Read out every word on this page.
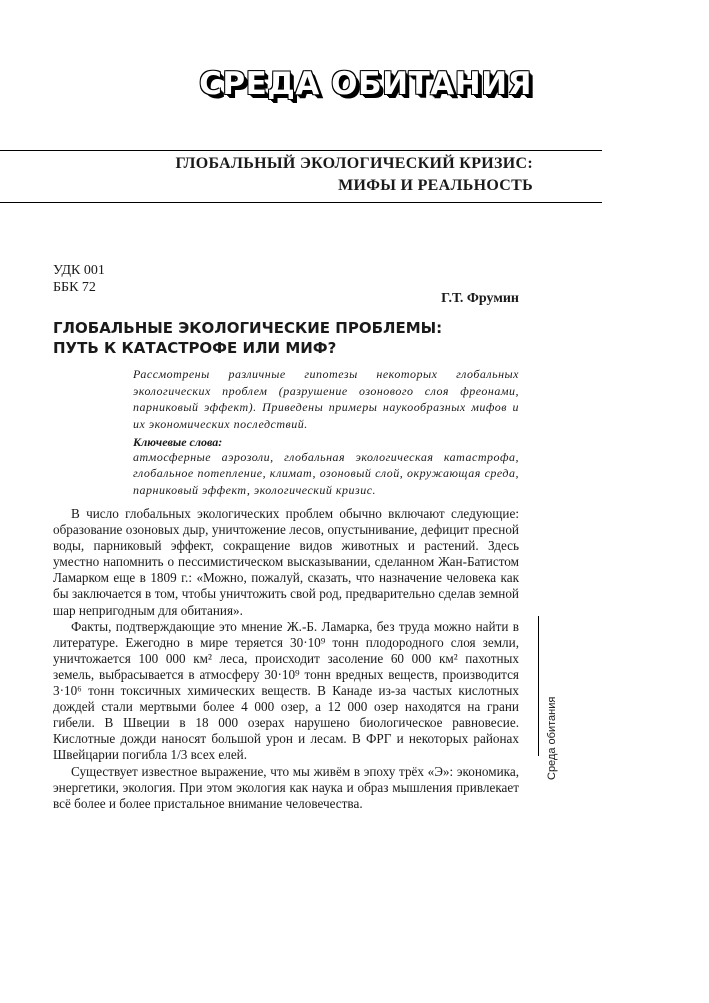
СРЕДА ОБИТАНИЯ
ГЛОБАЛЬНЫЙ ЭКОЛОГИЧЕСКИЙ КРИЗИС:
МИФЫ И РЕАЛЬНОСТЬ
УДК 001
ББК 72
Г.Т. Фрумин
ГЛОБАЛЬНЫЕ ЭКОЛОГИЧЕСКИЕ ПРОБЛЕМЫ:
ПУТЬ К КАТАСТРОФЕ ИЛИ МИФ?
Рассмотрены различные гипотезы некоторых глобальных экологических проблем (разрушение озонового слоя фреонами, парниковый эффект). Приведены примеры наукообразных мифов и их экономических последствий.
Ключевые слова:
атмосферные аэрозоли, глобальная экологическая катастрофа, глобальное потепление, климат, озоновый слой, окружающая среда, парниковый эффект, экологический кризис.

В число глобальных экологических проблем обычно включают следующие: образование озоновых дыр, уничтожение лесов, опустынивание, дефицит пресной воды, парниковый эффект, сокращение видов животных и растений. Здесь уместно напомнить о пессимистическом высказывании, сделанном Жан-Батистом Ламарком еще в 1809 г.: «Можно, пожалуй, сказать, что назначение человека как бы заключается в том, чтобы уничтожить свой род, предварительно сделав земной шар непригодным для обитания».

Факты, подтверждающие это мнение Ж.-Б. Ламарка, без труда можно найти в литературе. Ежегодно в мире теряется 30·10⁹ тонн плодородного слоя земли, уничтожается 100 000 км² леса, происходит засоление 60 000 км² пахотных земель, выбрасывается в атмосферу 30·10⁹ тонн вредных веществ, производится 3·10⁶ тонн токсичных химических веществ. В Канаде из-за частых кислотных дождей стали мертвыми более 4 000 озер, а 12 000 озер находятся на грани гибели. В Швеции в 18 000 озерах нарушено биологическое равновесие. Кислотные дожди наносят большой урон и лесам. В ФРГ и некоторых районах Швейцарии погибла 1/3 всех елей.

Существует известное выражение, что мы живём в эпоху трёх «Э»: экономика, энергетики, экология. При этом экология как наука и образ мышления привлекает всё более и более пристальное внимание человечества.

Среда обитания
